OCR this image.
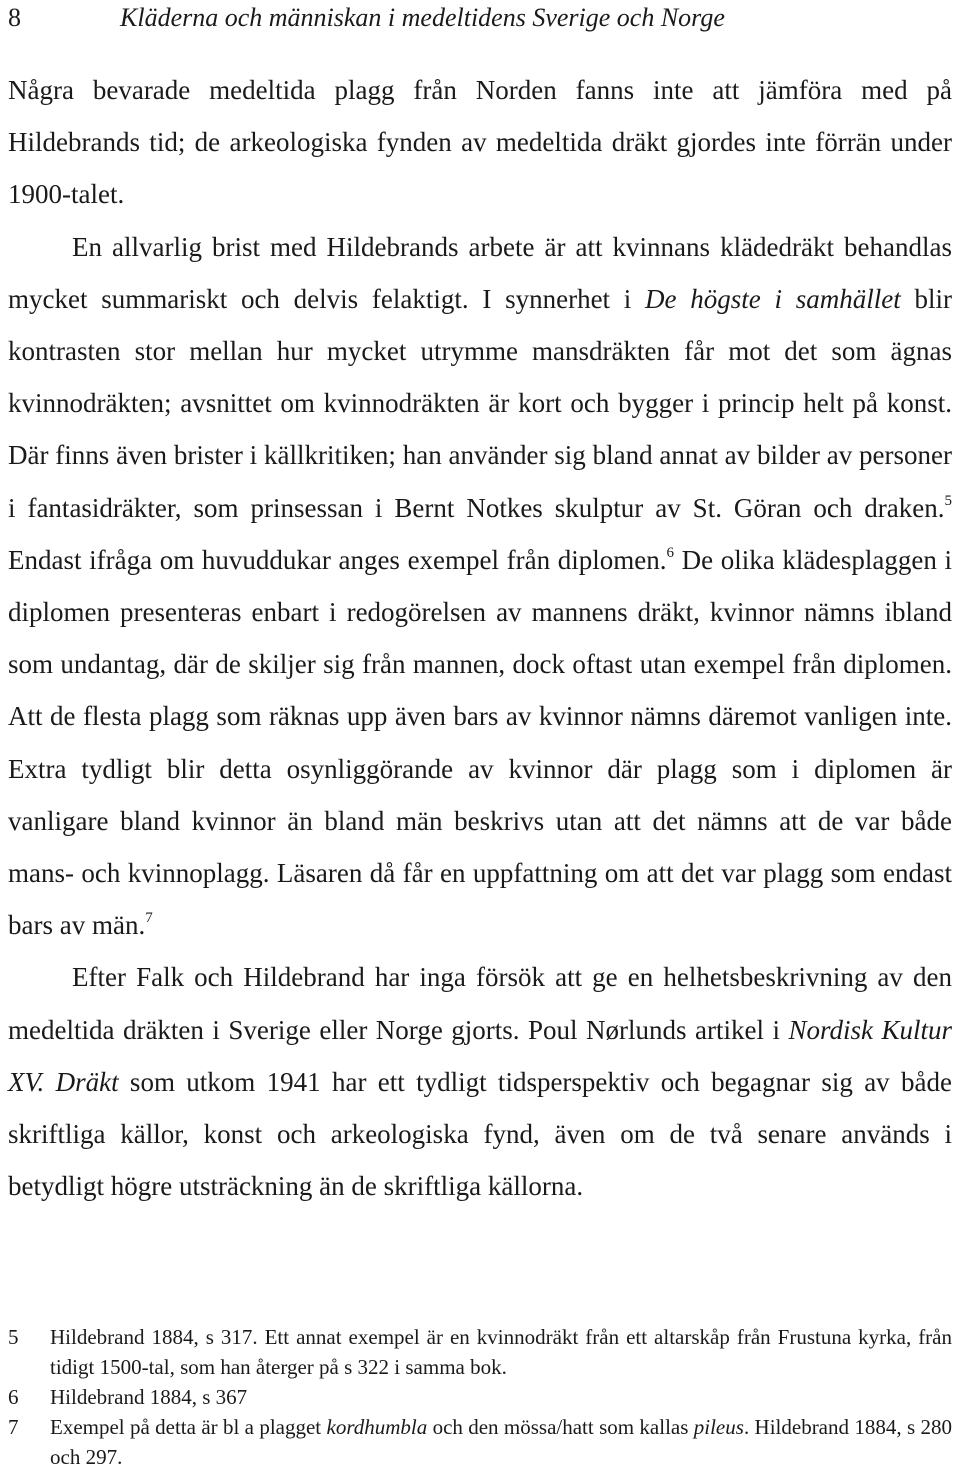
8	Kläderna och människan i medeltidens Sverige och Norge

Några bevarade medeltida plagg från Norden fanns inte att jämföra med på Hildebrands tid; de arkeologiska fynden av medeltida dräkt gjordes inte förrän under 1900-talet.

En allvarlig brist med Hildebrands arbete är att kvinnans klädedräkt behandlas mycket summariskt och delvis felaktigt. I synnerhet i De högste i samhället blir kontrasten stor mellan hur mycket utrymme mansdräkten får mot det som ägnas kvinnodräkten; avsnittet om kvinnodräkten är kort och bygger i princip helt på konst. Där finns även brister i källkritiken; han använder sig bland annat av bilder av personer i fantasidräkter, som prinsessan i Bernt Notkes skulptur av St. Göran och draken.$^5$ Endast ifråga om huvuddukar anges exempel från diplomen.$^6$ De olika klädesplaggen i diplomen presenteras enbart i redogörelsen av mannens dräkt, kvinnor nämns ibland som undantag, där de skiljer sig från mannen, dock oftast utan exempel från diplomen. Att de flesta plagg som räknas upp även bars av kvinnor nämns däremot vanligen inte. Extra tydligt blir detta osynliggörande av kvinnor där plagg som i diplomen är vanligare bland kvinnor än bland män beskrivs utan att det nämns att de var både mans- och kvinnoplagg. Läsaren då får en uppfattning om att det var plagg som endast bars av män.$^7$

Efter Falk och Hildebrand har inga försök att ge en helhetsbeskrivning av den medeltida dräkten i Sverige eller Norge gjorts. Poul Nørlunds artikel i Nordisk Kultur XV. Dräkt som utkom 1941 har ett tydligt tidsperspektiv och begagnar sig av både skriftliga källor, konst och arkeologiska fynd, även om de två senare används i betydligt högre utsträckning än de skriftliga källorna.

5 Hildebrand 1884, s 317. Ett annat exempel är en kvinnodräkt från ett altarskåp från Frustuna kyrka, från tidigt 1500-tal, som han återger på s 322 i samma bok.
6 Hildebrand 1884, s 367
7 Exempel på detta är bl a plagget kordhumbla och den mössa/hatt som kallas pileus. Hildebrand 1884, s 280 och 297.
